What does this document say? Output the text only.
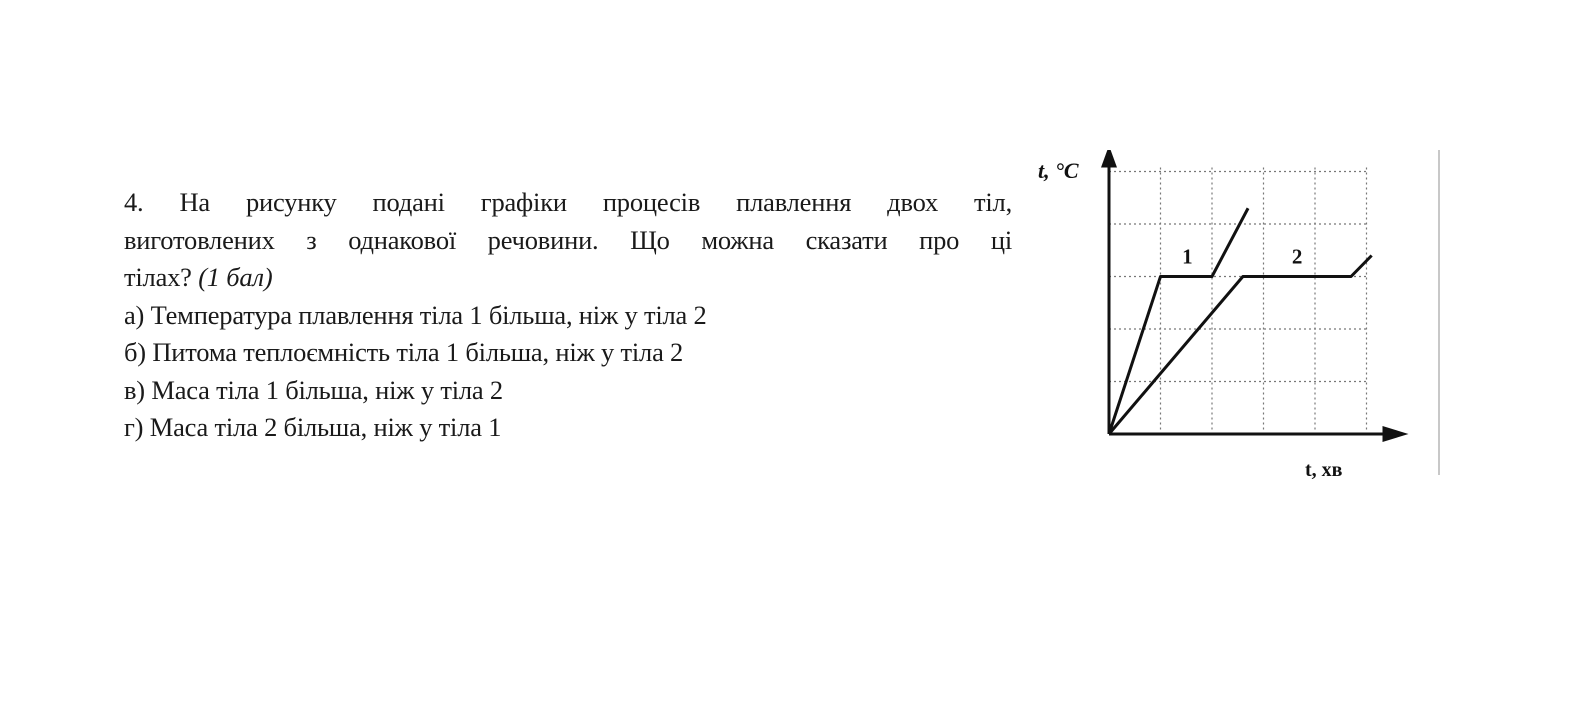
4. На рисунку подані графіки процесів плавлення двох тіл,
виготовлених з однакової речовини. Що можна сказати про ці
тілах? (1 бал)
а) Температура плавлення тіла 1 більша, ніж у тіла 2
б) Питома теплоємність тіла 1 більша, ніж у тіла 2
в) Маса тіла 1 більша, ніж у тіла 2
г) Маса тіла 2 більша, ніж у тіла 1
t, °C
t, хв
1	2
